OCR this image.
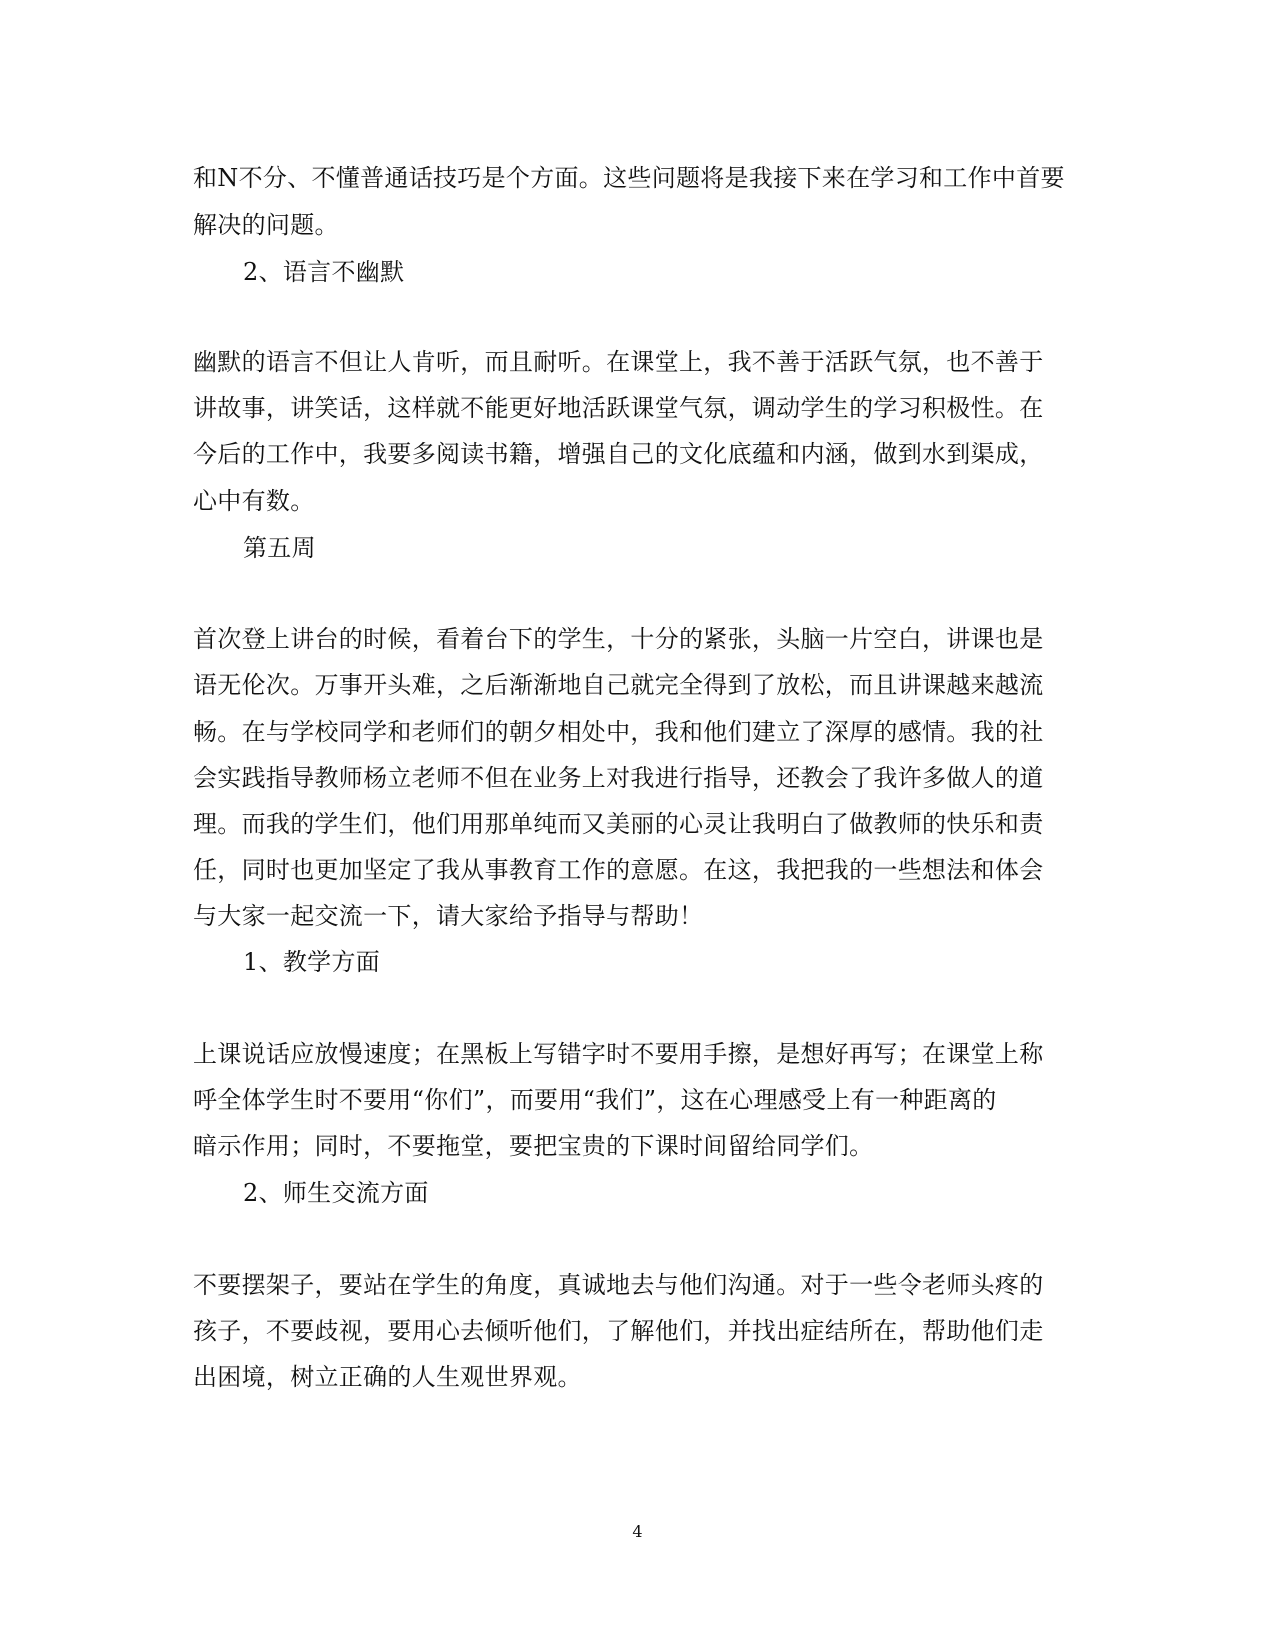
和N不分、不懂普通话技巧是个方面。这些问题将是我接下来在学习和工作中首要
解决的问题。
2、语言不幽默
幽默的语言不但让人肯听，而且耐听。在课堂上，我不善于活跃气氛，也不善于
讲故事，讲笑话，这样就不能更好地活跃课堂气氛，调动学生的学习积极性。在
今后的工作中，我要多阅读书籍，增强自己的文化底蕴和内涵，做到水到渠成，
心中有数。
第五周
首次登上讲台的时候，看着台下的学生，十分的紧张，头脑一片空白，讲课也是
语无伦次。万事开头难，之后渐渐地自己就完全得到了放松，而且讲课越来越流
畅。在与学校同学和老师们的朝夕相处中，我和他们建立了深厚的感情。我的社
会实践指导教师杨立老师不但在业务上对我进行指导，还教会了我许多做人的道
理。而我的学生们，他们用那单纯而又美丽的心灵让我明白了做教师的快乐和责
任，同时也更加坚定了我从事教育工作的意愿。在这，我把我的一些想法和体会
与大家一起交流一下，请大家给予指导与帮助！
1、教学方面
上课说话应放慢速度；在黑板上写错字时不要用手擦，是想好再写；在课堂上称
呼全体学生时不要用“你们”，而要用“我们”，这在心理感受上有一种距离的
暗示作用；同时，不要拖堂，要把宝贵的下课时间留给同学们。
2、师生交流方面
不要摆架子，要站在学生的角度，真诚地去与他们沟通。对于一些令老师头疼的
孩子，不要歧视，要用心去倾听他们，了解他们，并找出症结所在，帮助他们走
出困境，树立正确的人生观世界观。
4
